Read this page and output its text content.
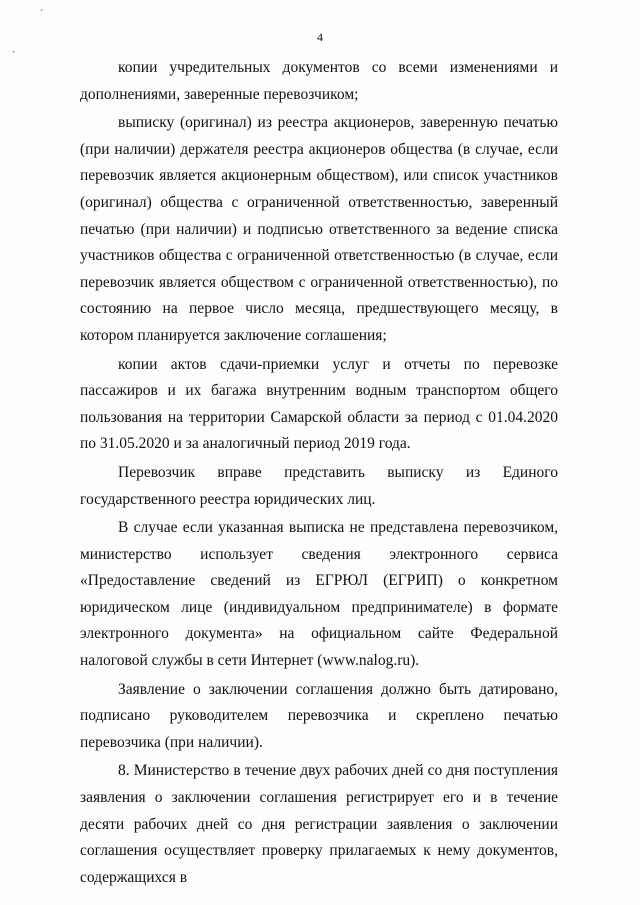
ˊ
ˏ
4

копии учредительных документов со всеми изменениями и дополнениями, заверенные перевозчиком;

выписку (оригинал) из реестра акционеров, заверенную печатью (при наличии) держателя реестра акционеров общества (в случае, если перевозчик является акционерным обществом), или список участников (оригинал) общества с ограниченной ответственностью, заверенный печатью (при наличии) и подписью ответственного за ведение списка участников общества с ограниченной ответственностью (в случае, если перевозчик является обществом с ограниченной ответственностью), по состоянию на первое число месяца, предшествующего месяцу, в котором планируется заключение соглашения;

копии актов сдачи-приемки услуг и отчеты по перевозке пассажиров и их багажа внутренним водным транспортом общего пользования на территории Самарской области за период с 01.04.2020 по 31.05.2020 и за аналогичный период 2019 года.

Перевозчик вправе представить выписку из Единого государственного реестра юридических лиц.

В случае если указанная выписка не представлена перевозчиком, министерство использует сведения электронного сервиса «Предоставление сведений из ЕГРЮЛ (ЕГРИП) о конкретном юридическом лице (индивидуальном предпринимателе) в формате электронного документа» на официальном сайте Федеральной налоговой службы в сети Интернет (www.nalog.ru).

Заявление о заключении соглашения должно быть датировано, подписано руководителем перевозчика и скреплено печатью перевозчика (при наличии).

8. Министерство в течение двух рабочих дней со дня поступления заявления о заключении соглашения регистрирует его и в течение десяти рабочих дней со дня регистрации заявления о заключении соглашения осуществляет проверку прилагаемых к нему документов, содержащихся в
